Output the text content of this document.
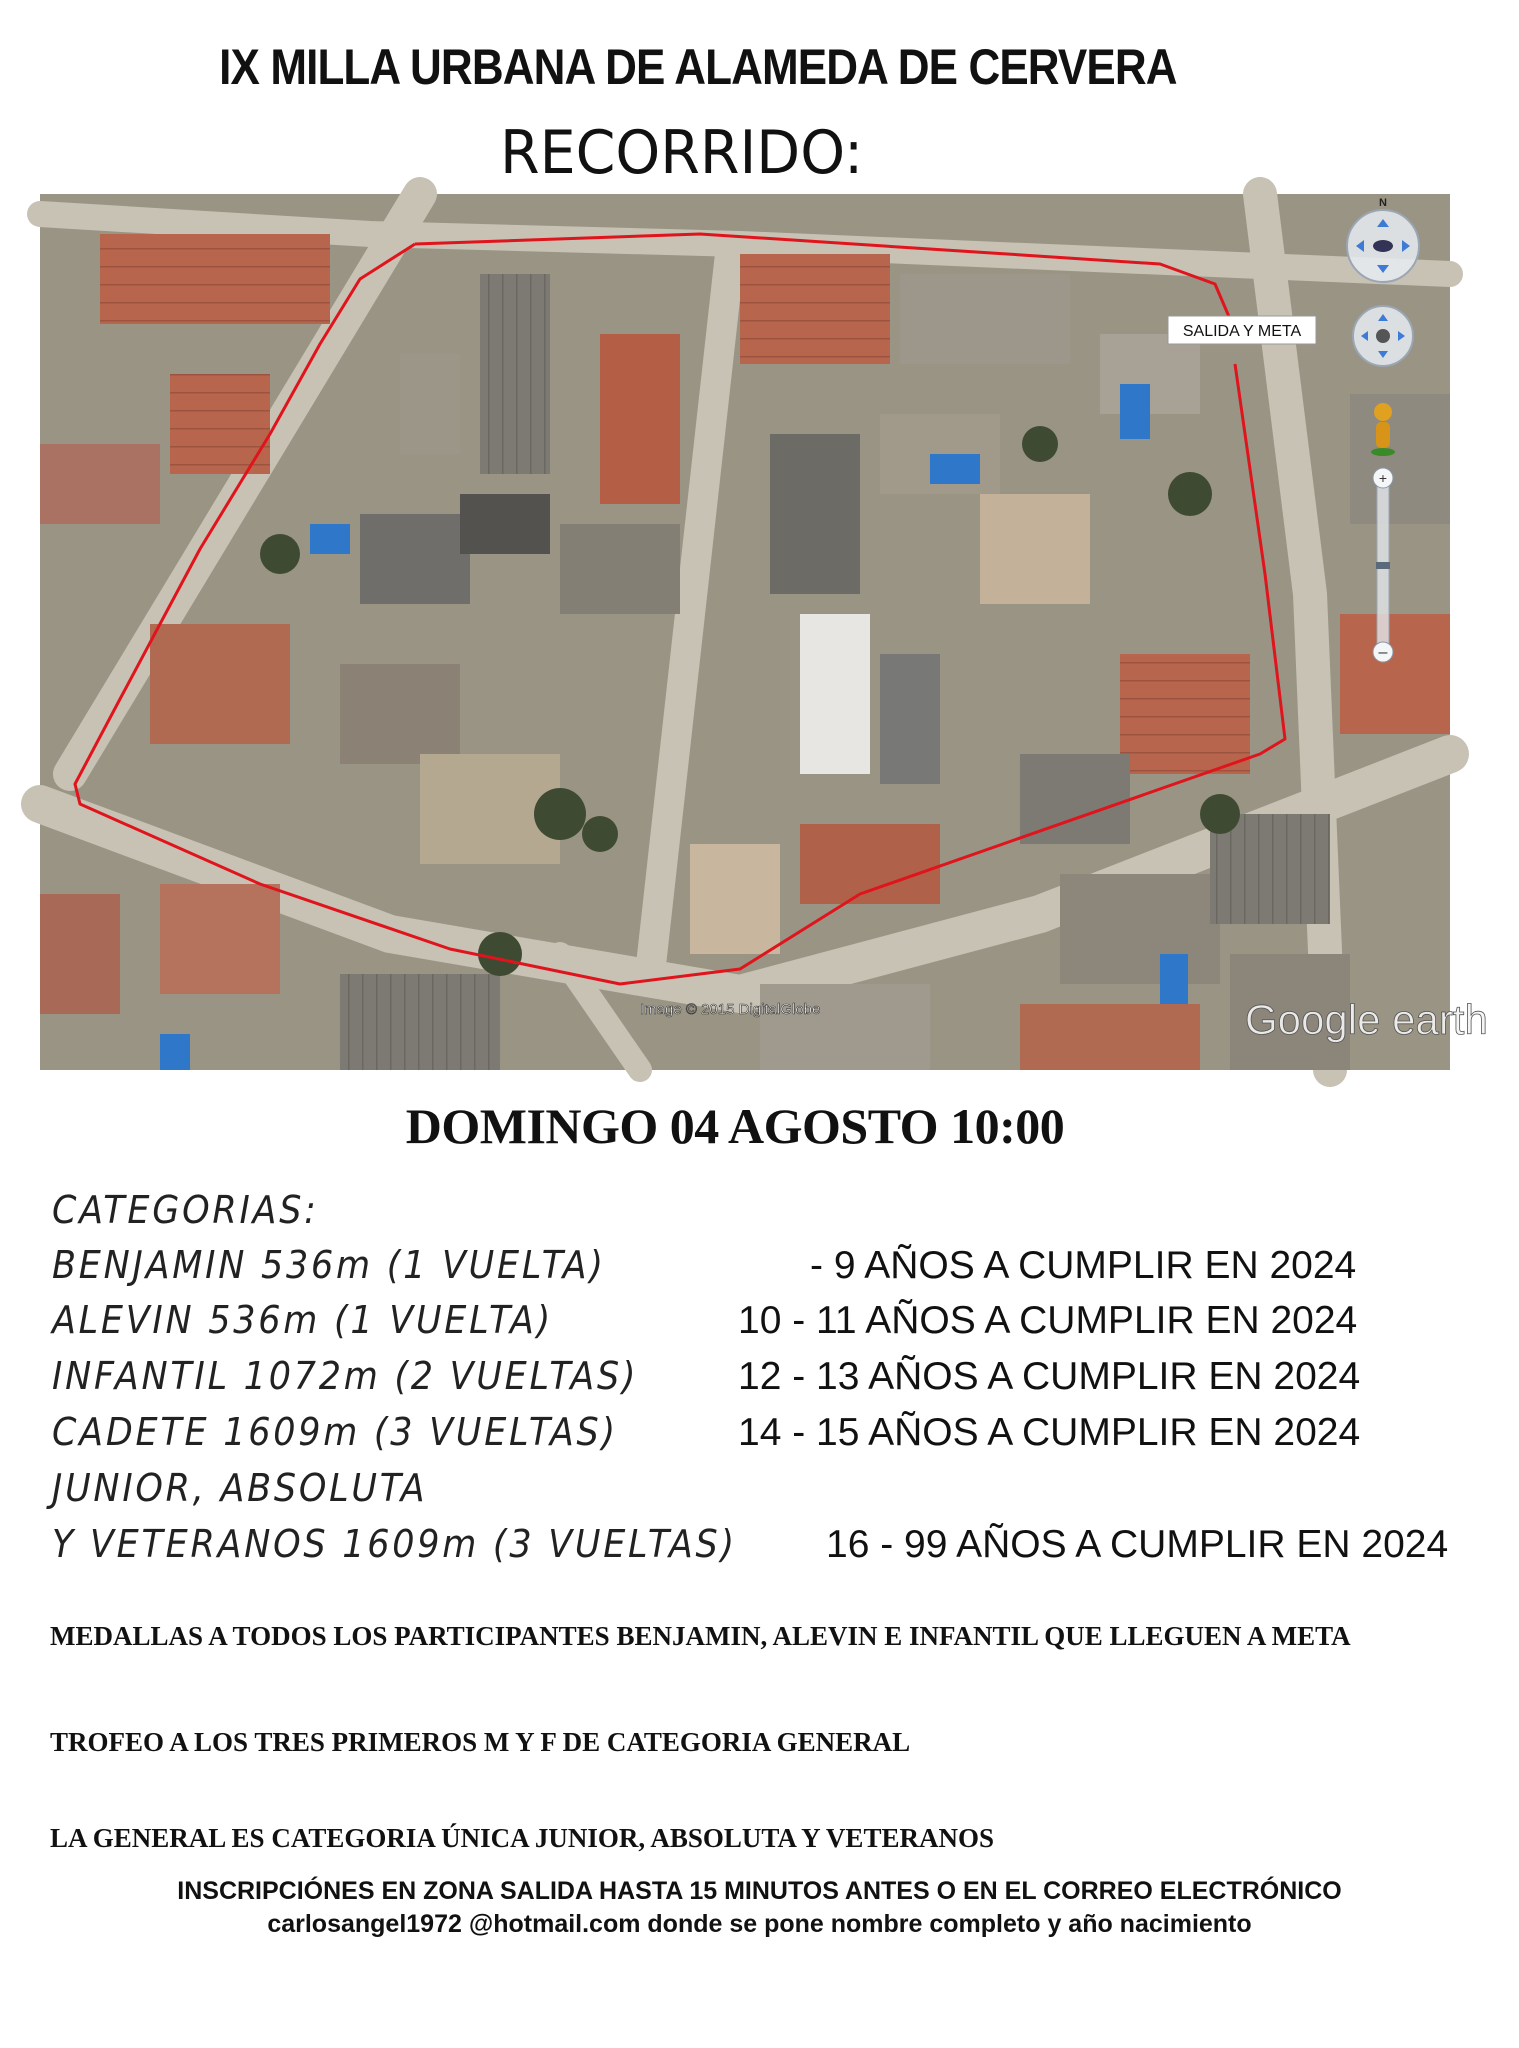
IX MILLA URBANA DE ALAMEDA DE CERVERA
RECORRIDO:
SALIDA Y META
N
+
–
Image © 2015 DigitalGlobe	Google earth
DOMINGO 04 AGOSTO 10:00
CATEGORIAS:
BENJAMIN 536m (1 VUELTA)	- 9 AÑOS A CUMPLIR EN 2024
ALEVIN 536m (1 VUELTA)	10 - 11 AÑOS A CUMPLIR EN 2024
INFANTIL 1072m (2 VUELTAS)	12 - 13 AÑOS A CUMPLIR EN 2024
CADETE 1609m (3 VUELTAS)	14 - 15 AÑOS A CUMPLIR EN 2024
JUNIOR, ABSOLUTA
Y VETERANOS 1609m (3 VUELTAS) 16 - 99 AÑOS A CUMPLIR EN 2024
MEDALLAS A TODOS LOS PARTICIPANTES BENJAMIN, ALEVIN E INFANTIL QUE LLEGUEN A META
TROFEO A LOS TRES PRIMEROS M Y F DE CATEGORIA GENERAL
LA GENERAL ES CATEGORIA ÚNICA JUNIOR, ABSOLUTA Y VETERANOS
INSCRIPCIÓNES EN ZONA SALIDA HASTA 15 MINUTOS ANTES O EN EL CORREO ELECTRÓNICO
carlosangel1972 @hotmail.com donde se pone nombre completo y año nacimiento
